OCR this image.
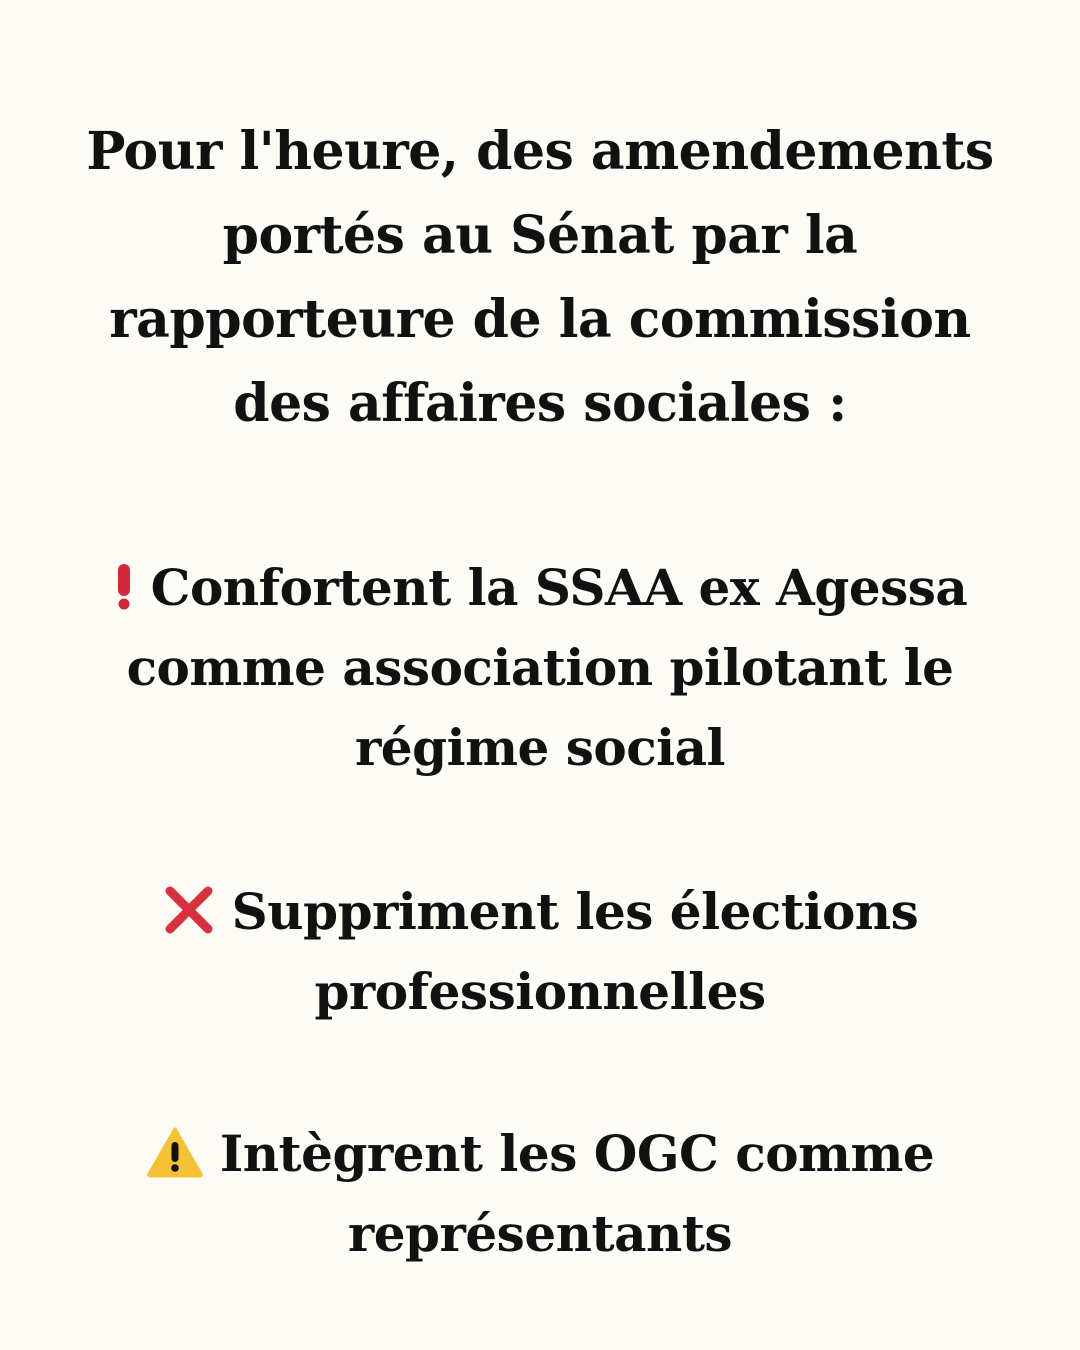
Pour l'heure, des amendements portés au Sénat par la rapporteure de la commission des affaires sociales :
Confortent la SSAA ex Agessa comme association pilotant le régime social
Suppriment les élections professionnelles
Intègrent les OGC comme représentants
